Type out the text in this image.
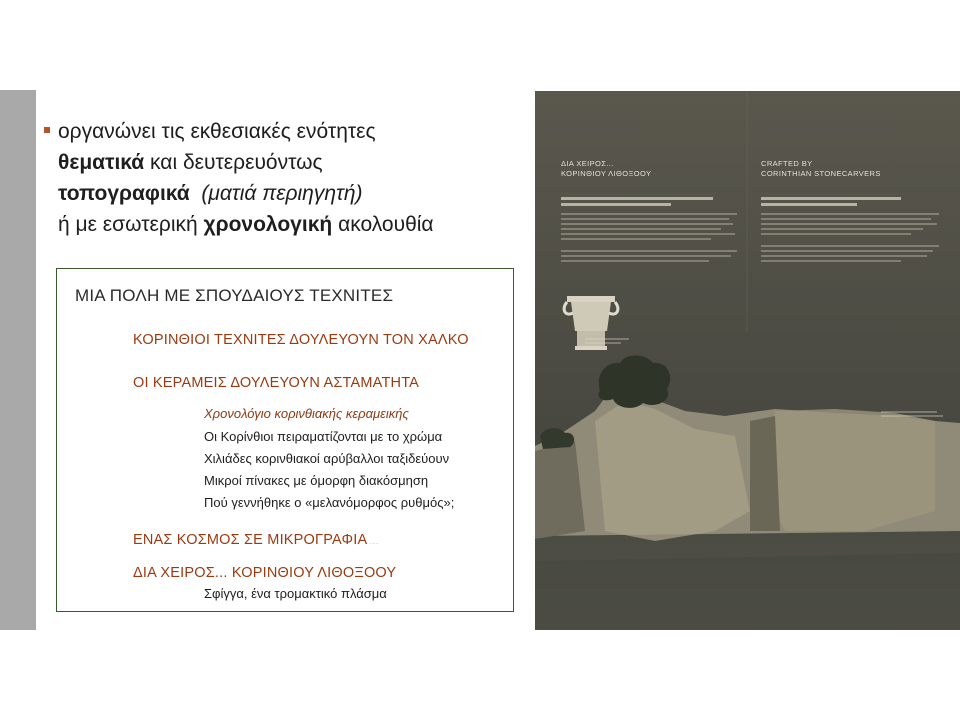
οργανώνει τις εκθεσιακές ενότητες
θεματικά και δευτερευόντως
τοπογραφικά (ματιά περιηγητή)
ή με εσωτερική χρονολογική ακολουθία
ΜΙΑ ΠΟΛΗ ΜΕ ΣΠΟΥΔΑΙΟΥΣ ΤΕΧΝΙΤΕΣ
ΚΟΡΙΝΘΙΟΙ ΤΕΧΝΙΤΕΣ ΔΟΥΛΕΥΟΥΝ ΤΟΝ ΧΑΛΚΟ
ΟΙ ΚΕΡΑΜΕΙΣ ΔΟΥΛΕΥΟΥΝ ΑΣΤΑΜΑΤΗΤΑ
Χρονολόγιο κορινθιακής κεραμεικής
Οι Κορίνθιοι πειραματίζονται με το χρώμα
Χιλιάδες κορινθιακοί αρύβαλλοι ταξιδεύουν
Μικροί πίνακες με όμορφη διακόσμηση
Πού γεννήθηκε ο «μελανόμορφος ρυθμός»;
ΕΝΑΣ ΚΟΣΜΟΣ ΣΕ ΜΙΚΡΟΓΡΑΦΙΑ ......
ΔΙΑ ΧΕΙΡΟΣ... ΚΟΡΙΝΘΙΟΥ ΛΙΘΟΞΟΟΥ
Σφίγγα, ένα τρομακτικό πλάσμα
ΔΙΑ ΧΕΙΡΟΣ...
ΚΟΡΙΝΘΙΟΥ ΛΙΘΟΞΟΟΥ
CRAFTED BY
CORINTHIAN STONECARVERS
